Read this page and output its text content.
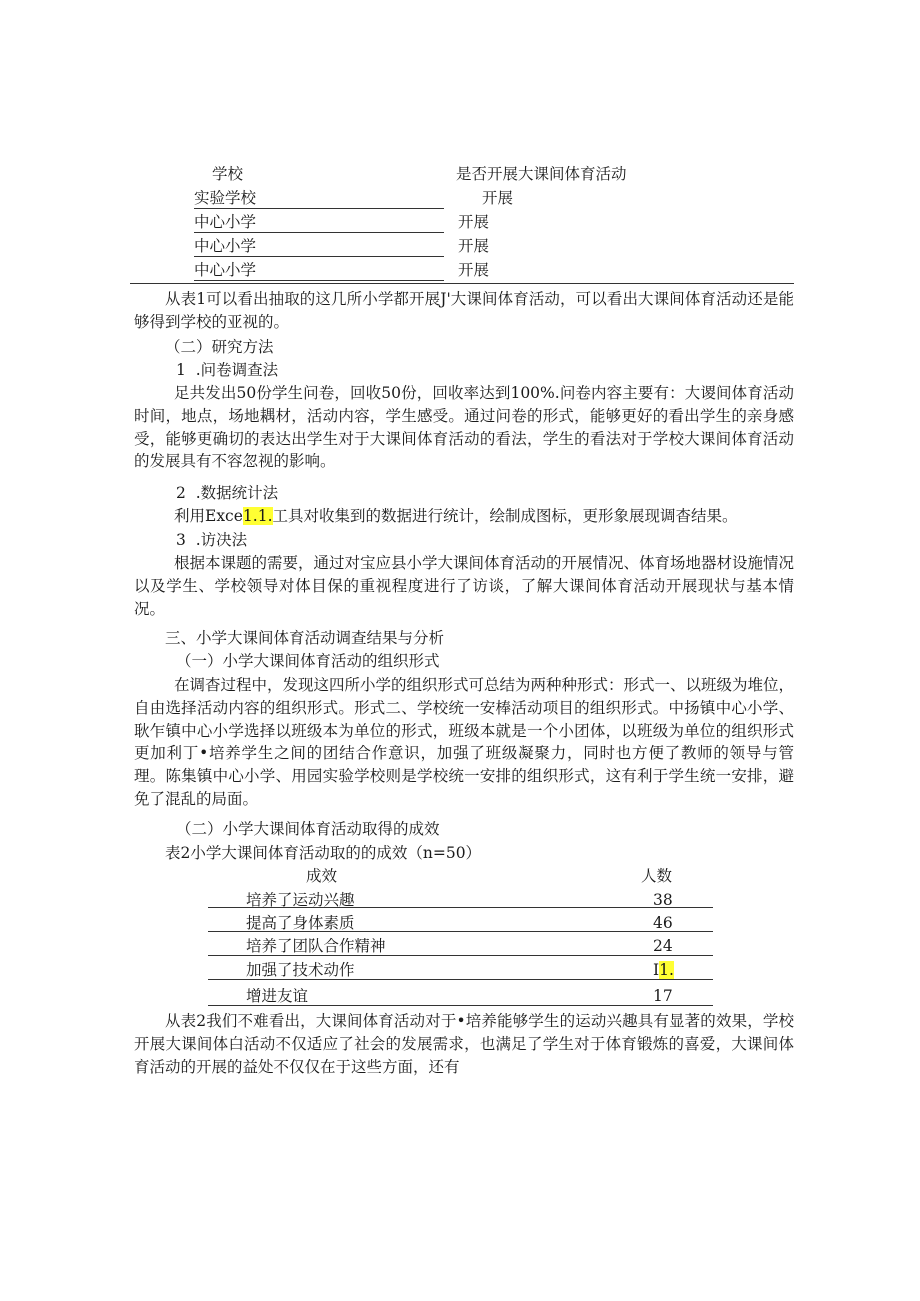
学校	是否开展大课间体育活动
实验学校	开展
中心小学	开展
中心小学	开展
中心小学	开展
从表1可以看出抽取的这几所小学都开展J'大课间体育活动，可以看出大课间体育活动还是能够得到学校的亚视的。
（二）研究方法
1  .问卷调查法
足共发出50份学生问卷，回收50份，回收率达到100%.问卷内容主要有：大谡间体育活动时间，地点，场地耦材，活动内容，学生感受。通过问卷的形式，能够更好的看出学生的亲身感受，能够更确切的表达出学生对于大课间体育活动的看法，学生的看法对于学校大课间体育活动的发展具有不容忽视的影响。
2  .数据统计法
利用Exce1.1.工具对收集到的数据进行统计，绘制成图标，更形象展现调杳结果。
3  .访决法
根据本课题的需要，通过对宝应县小学大课间体育活动的开展情况、体育场地器材设施情况以及学生、学校领导对体目保的重视程度进行了访谈，了解大课间体育活动开展现状与基本情况。
三、小学大课间体育活动调查结果与分析
（一）小学大课间体育活动的组织形式
在调杳过程中，发现这四所小学的组织形式可总结为两种种形式：形式一、以班级为堆位，自由选择活动内容的组织形式。形式二、学校统一安棒活动项目的组织形式。中扬镇中心小学、耿乍镇中心小学选择以班级本为单位的形式，班级本就是一个小团体，以班级为单位的组织形式更加利丁•培养学生之间的团结合作意识，加强了班级凝聚力，同时也方便了教师的领导与管理。陈集镇中心小学、用园实验学校则是学校统一安排的组织形式，这有利于学生统一安排，避免了混乱的局面。
（二）小学大课间体育活动取得的成效
表2小学大课间体育活动取的的成效（n=50）
成效	人数
培养了运动兴趣	38
提高了身体素质	46
培养了团队合作精神	24
加强了技术动作	I1.
增进友谊	17
从表2我们不难看出，大课间体育活动对于•培养能够学生的运动兴趣具有显著的效果，学校开展大课间体白活动不仅适应了社会的发展需求，也满足了学生对于体育锻炼的喜爱，大课间体育活动的开展的益处不仅仅在于这些方面，还有
